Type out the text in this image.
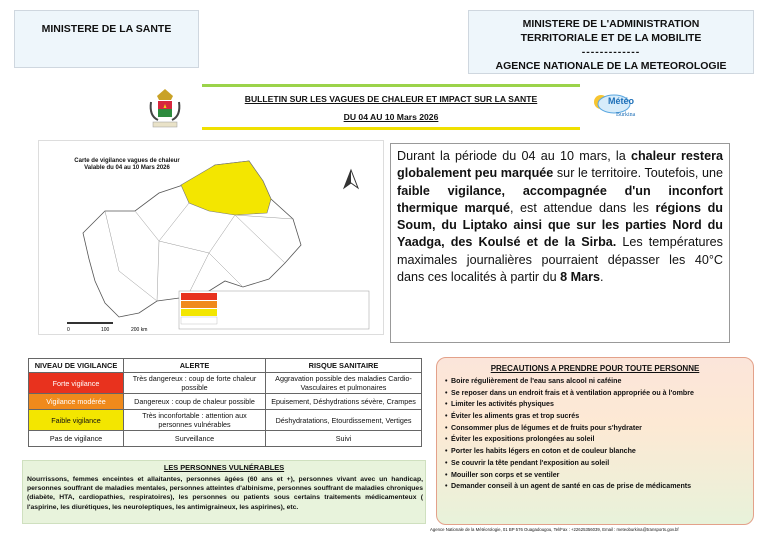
MINISTERE DE LA SANTE	MINISTERE DE L'ADMINISTRATION
TERRITORIALE ET DE LA MOBILITE
-------------
AGENCE NATIONALE DE LA METEOROLOGIE
BULLETIN SUR LES VAGUES DE CHALEUR ET IMPACT SUR LA SANTE
DU 04 AU 10 Mars 2026
Météo
Burkina
0	100	200 km
Carte de vigilance vagues de chaleur
Valable du 04 au 10 Mars 2026
Durant la période du 04 au 10 mars, la chaleur restera globalement peu marquée sur le territoire. Toutefois, une faible vigilance, accompagnée d'un inconfort thermique marqué, est attendue dans les régions du Soum, du Liptako ainsi que sur les parties Nord du Yaadga, des Koulsé et de la Sirba. Les températures maximales journalières pourraient dépasser les 40°C dans ces localités à partir du 8 Mars.
NIVEAU DE VIGILANCE	ALERTE	RISQUE SANITAIRE
Forte vigilance	Très dangereux : coup de forte chaleur possible	Aggravation possible des maladies Cardio-Vasculaires et pulmonaires
Vigilance modérée	Dangereux : coup de chaleur possible	Epuisement, Déshydrations sévère, Crampes
Faible vigilance	Très inconfortable : attention aux personnes vulnérables	Déshydratations, Etourdissement, Vertiges
Pas de vigilance	Surveillance	Suivi
LES PERSONNES VULNÉRABLES
Nourrissons, femmes enceintes et allaitantes, personnes âgées (60 ans et +), personnes vivant avec un handicap, personnes souffrant de maladies mentales, personnes atteintes d'albinisme, personnes souffrant de maladies chroniques (diabète, HTA, cardiopathies, respiratoires), les personnes ou patients sous certains traitements médicamenteux ( l'aspirine, les diurétiques, les neuroleptiques, les antimigraineux, les aspirines), etc.
PRECAUTIONS A PRENDRE POUR TOUTE PERSONNE
• Boire régulièrement de l'eau sans alcool ni caféine
• Se reposer dans un endroit frais et à ventilation appropriée ou à l'ombre
• Limiter les activités physiques
• Éviter les aliments gras et trop sucrés
• Consommer plus de légumes et de fruits pour s'hydrater
• Éviter les expositions prolongées au soleil
• Porter les habits légers en coton et de couleur blanche
• Se couvrir la tête pendant l'exposition au soleil
• Mouiller son corps et se ventiler
• Demander conseil à un agent de santé en cas de prise de médicaments
Agence Nationale de la Météorologie, 01 BP 576 Ouagadougou, Tel/Fax : +22625356039, Email : meteoburkina@transports.gov.bf
